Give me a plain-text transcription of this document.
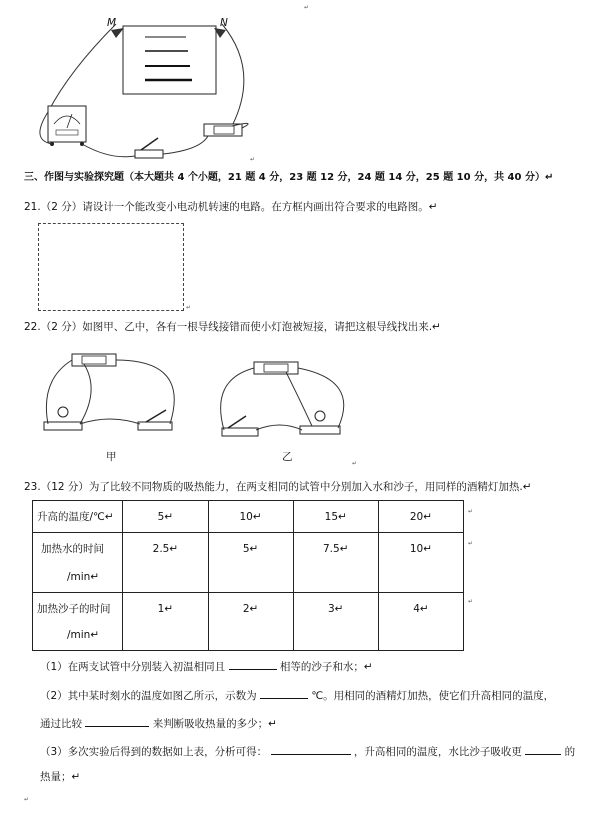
↵
M	N
↵
三、作图与实验探究题（本大题共 4 个小题，21 题 4 分，23 题 12 分，24 题 14 分，25 题 10 分，共 40 分）↵
21.（2 分）请设计一个能改变小电动机转速的电路。在方框内画出符合要求的电路图。↵
↵
22.（2 分）如图甲、乙中，各有一根导线接错而使小灯泡被短接，请把这根导线找出来.↵
甲	乙
↵
23.（12 分）为了比较不同物质的吸热能力，在两支相同的试管中分别加入水和沙子，用同样的酒精灯加热.↵
升高的温度/℃↵	5↵	10↵	15↵	20↵

加热水的时间
/min↵	2.5↵	5↵	7.5↵	10↵

加热沙子的时间
/min↵	1↵	2↵	3↵	4↵
↵
↵
↵
（1）在两支试管中分别装入初温相同且	相等的沙子和水；↵
（2）其中某时刻水的温度如图乙所示，示数为	℃。用相同的酒精灯加热，使它们升高相同的温度，
通过比较	来判断吸收热量的多少；↵
（3）多次实验后得到的数据如上表，分析可得：	，升高相同的温度，水比沙子吸收更	的
热量；↵
↵
